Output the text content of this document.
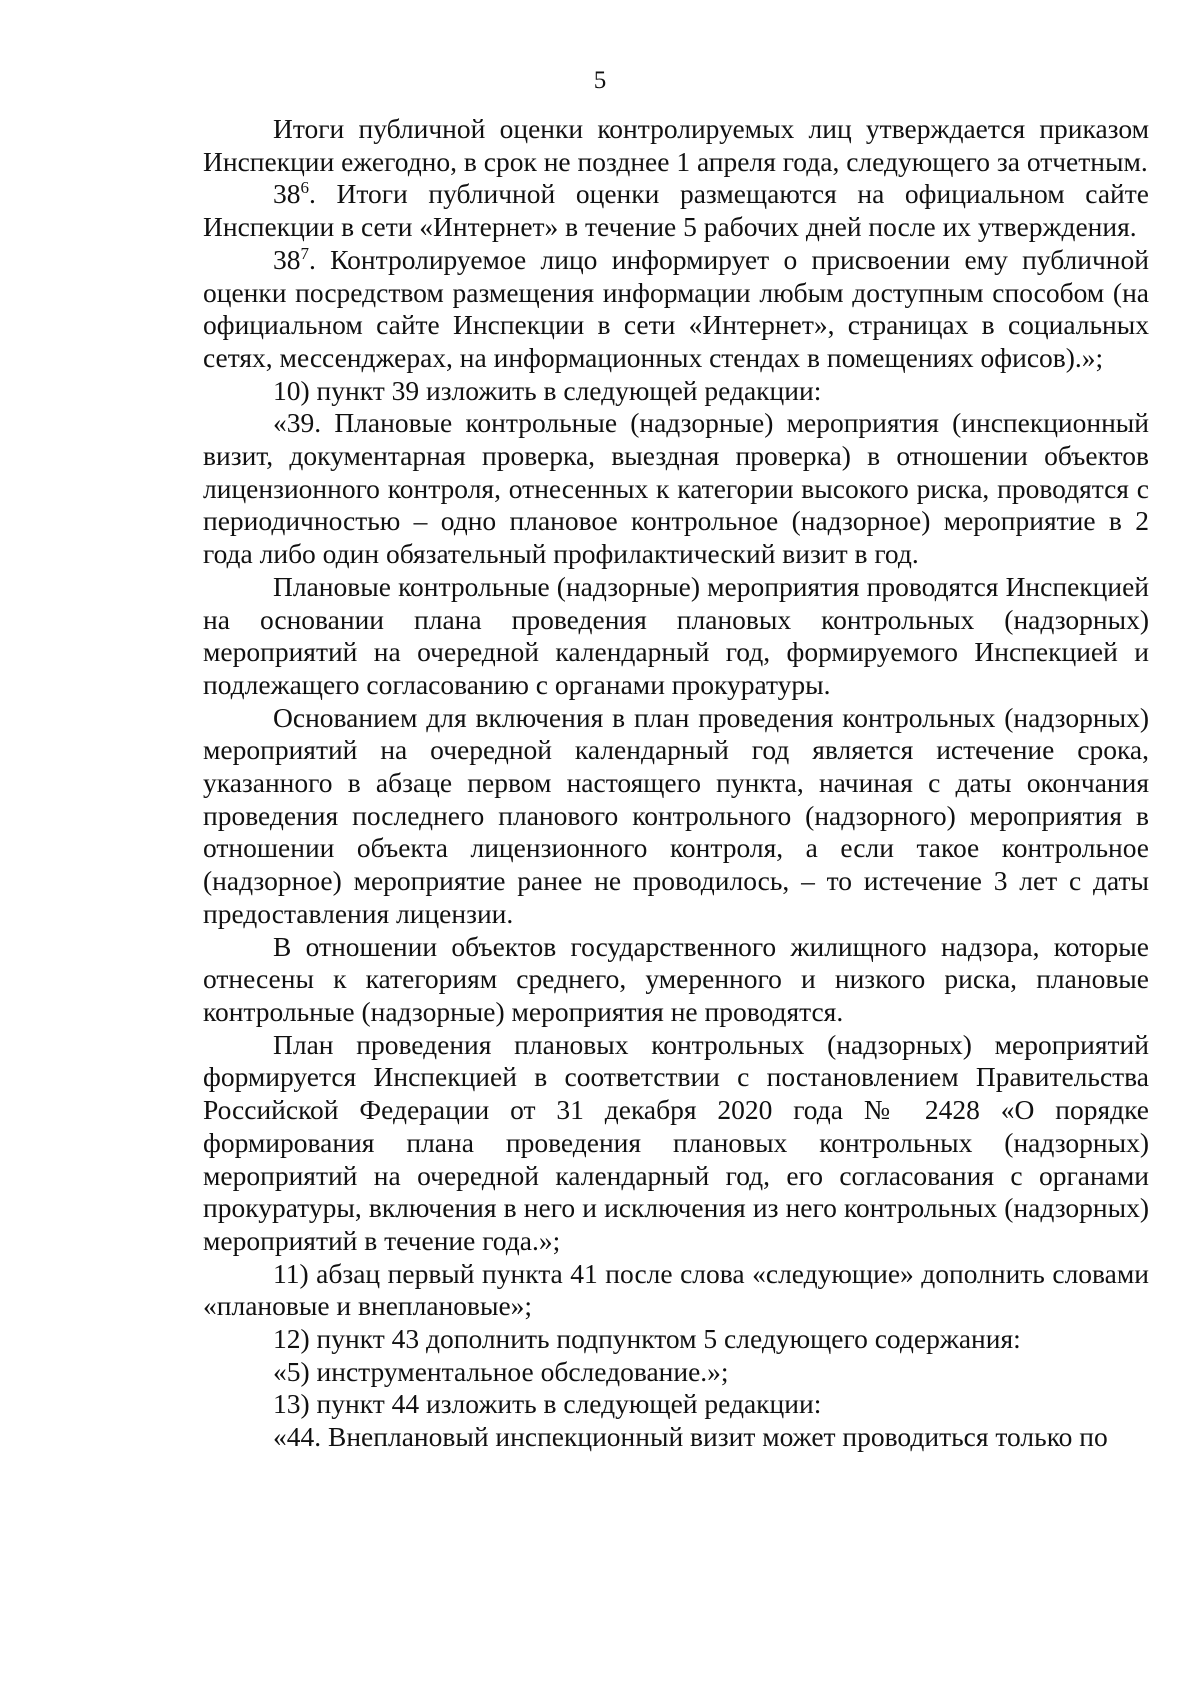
5

Итоги публичной оценки контролируемых лиц утверждается приказом Инспекции ежегодно, в срок не позднее 1 апреля года, следующего за отчетным.

$38^6$. Итоги публичной оценки размещаются на официальном сайте Инспекции в сети «Интернет» в течение 5 рабочих дней после их утверждения.

$38^7$. Контролируемое лицо информирует о присвоении ему публичной оценки посредством размещения информации любым доступным способом (на официальном сайте Инспекции в сети «Интернет», страницах в социальных сетях, мессенджерах, на информационных стендах в помещениях офисов).»;

10) пункт 39 изложить в следующей редакции:

«39. Плановые контрольные (надзорные) мероприятия (инспекционный визит, документарная проверка, выездная проверка) в отношении объектов лицензионного контроля, отнесенных к категории высокого риска, проводятся с периодичностью – одно плановое контрольное (надзорное) мероприятие в 2 года либо один обязательный профилактический визит в год.

Плановые контрольные (надзорные) мероприятия проводятся Инспекцией на основании плана проведения плановых контрольных (надзорных) мероприятий на очередной календарный год, формируемого Инспекцией и подлежащего согласованию с органами прокуратуры.

Основанием для включения в план проведения контрольных (надзорных) мероприятий на очередной календарный год является истечение срока, указанного в абзаце первом настоящего пункта, начиная с даты окончания проведения последнего планового контрольного (надзорного) мероприятия в отношении объекта лицензионного контроля, а если такое контрольное (надзорное) мероприятие ранее не проводилось, – то истечение 3 лет с даты предоставления лицензии.

В отношении объектов государственного жилищного надзора, которые отнесены к категориям среднего, умеренного и низкого риска, плановые контрольные (надзорные) мероприятия не проводятся.

План проведения плановых контрольных (надзорных) мероприятий формируется Инспекцией в соответствии с постановлением Правительства Российской Федерации от 31 декабря 2020 года № 2428 «О порядке формирования плана проведения плановых контрольных (надзорных) мероприятий на очередной календарный год, его согласования с органами прокуратуры, включения в него и исключения из него контрольных (надзорных) мероприятий в течение года.»;

11) абзац первый пункта 41 после слова «следующие» дополнить словами «плановые и внеплановые»;

12) пункт 43 дополнить подпунктом 5 следующего содержания:

«5) инструментальное обследование.»;

13) пункт 44 изложить в следующей редакции:

«44. Внеплановый инспекционный визит может проводиться только по
